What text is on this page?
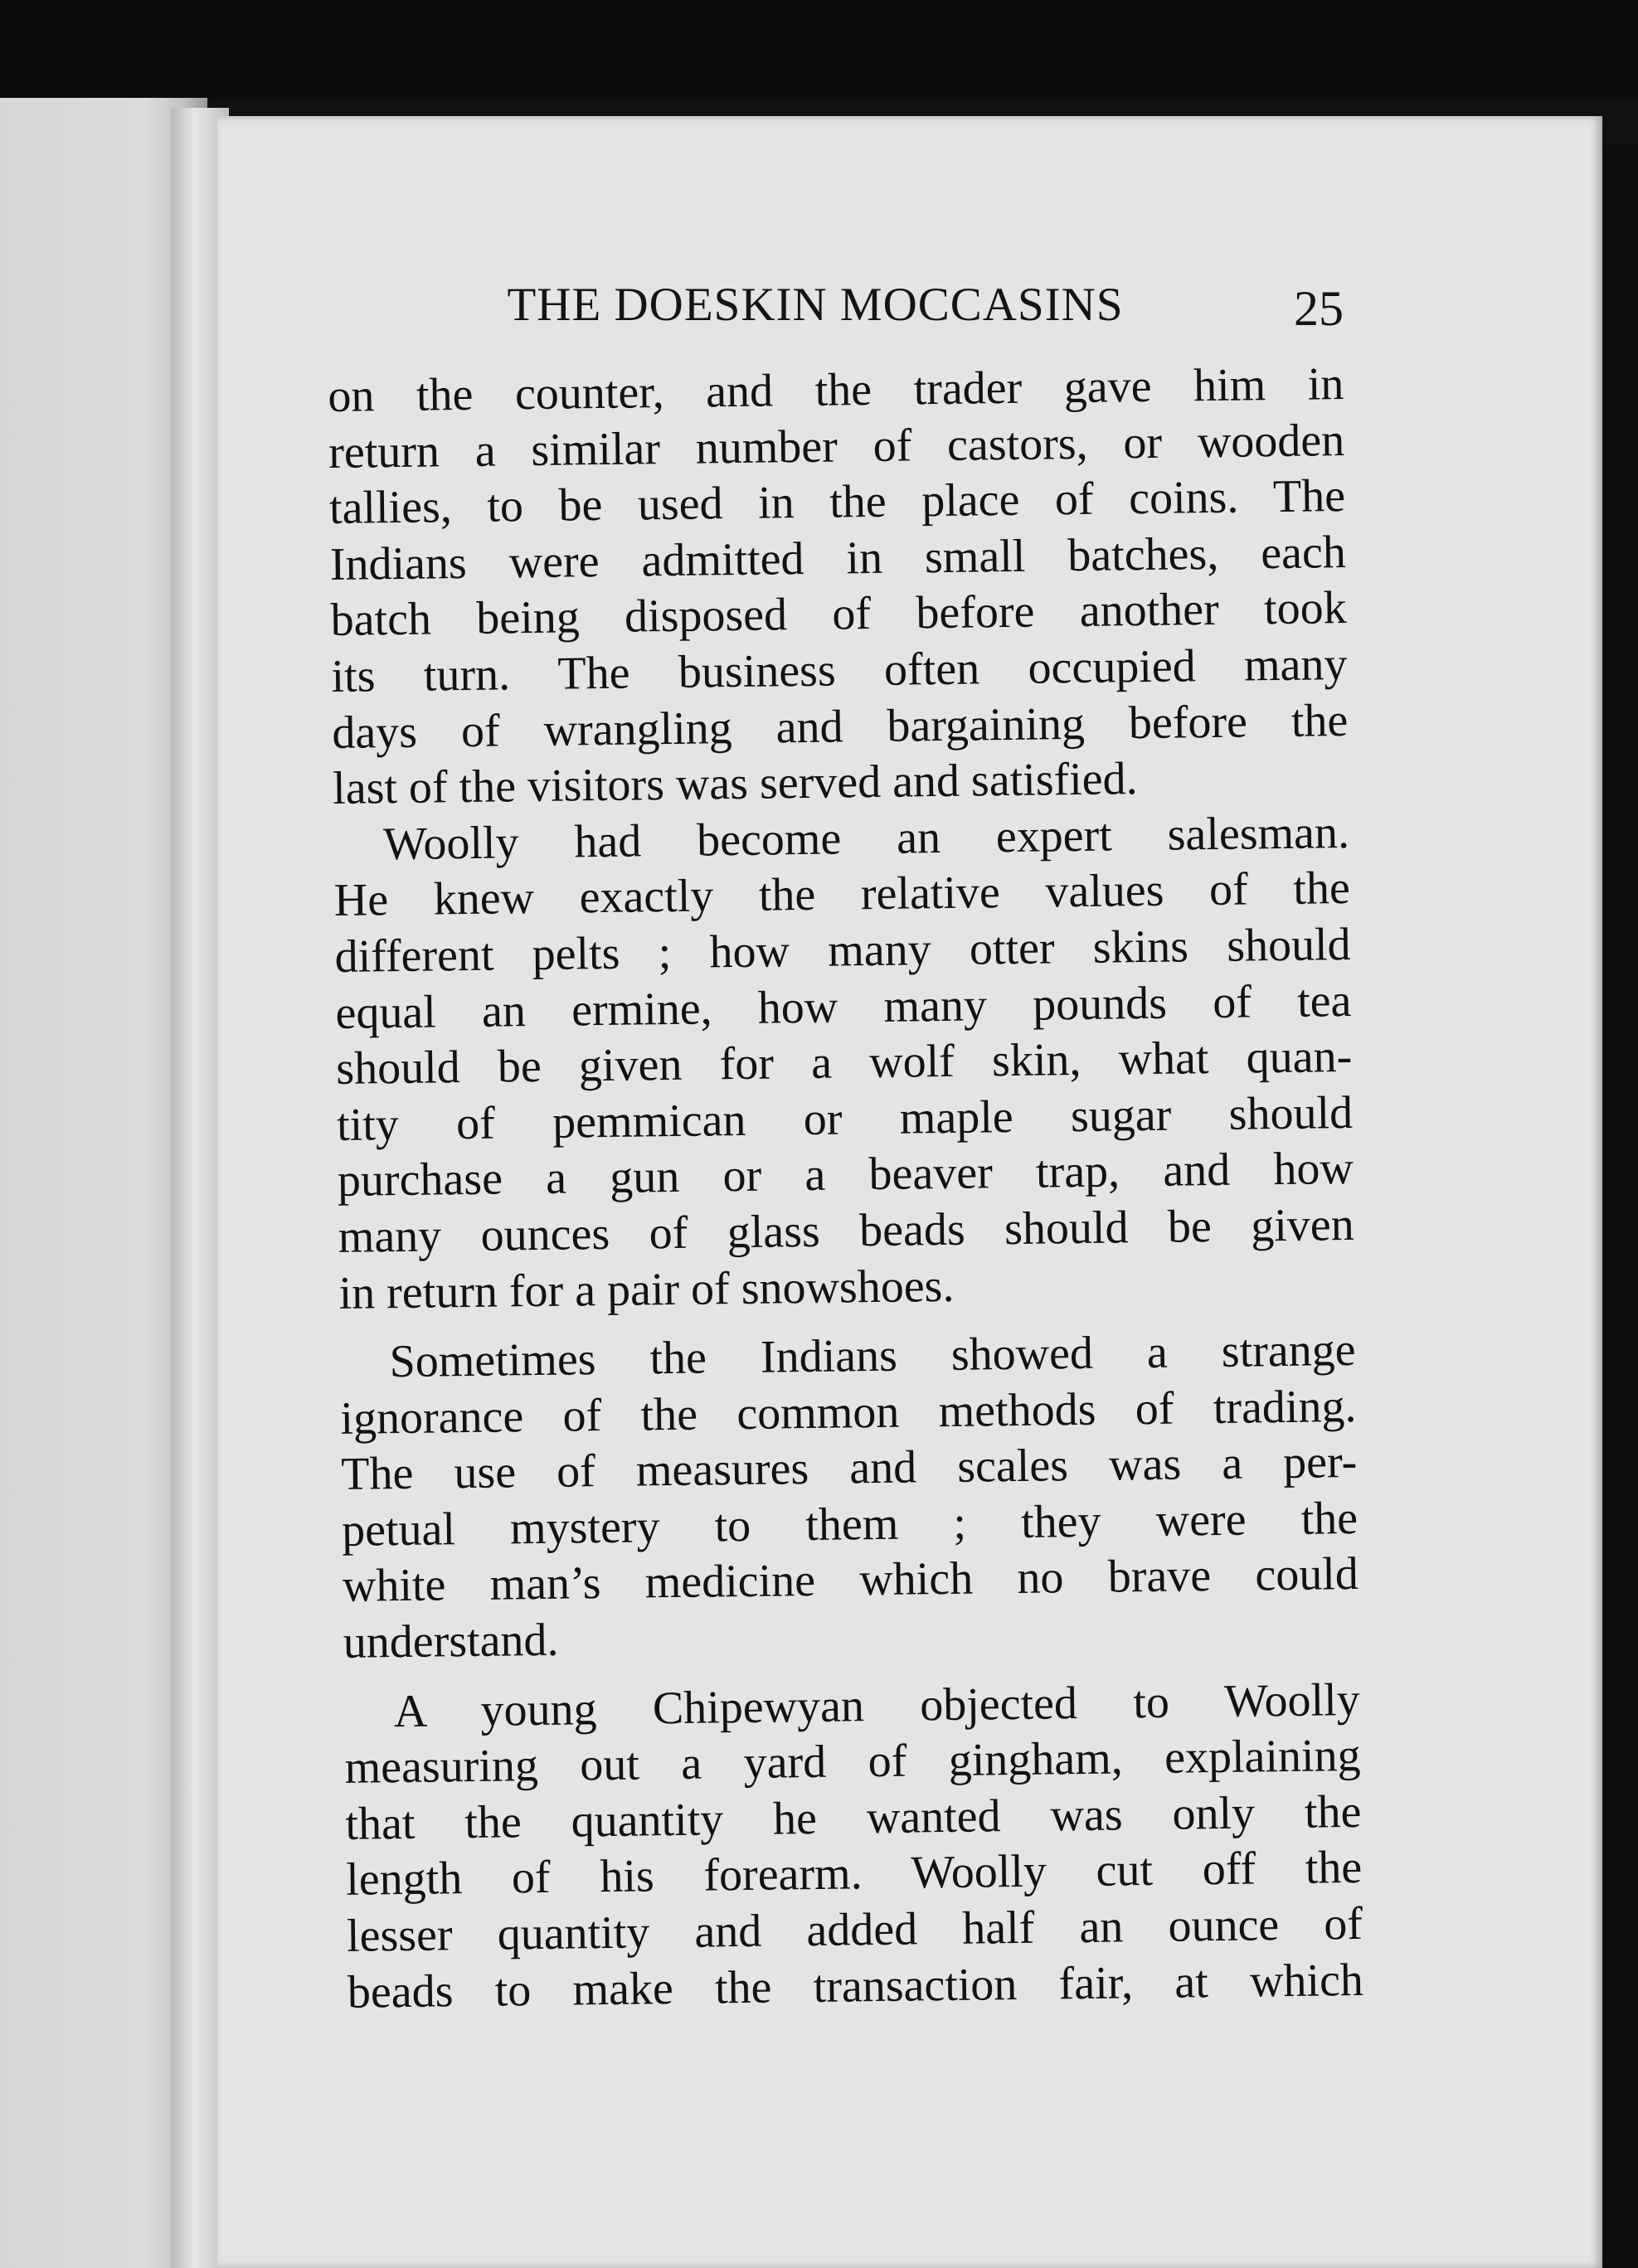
THE DOESKIN MOCCASINS	25
on the counter, and the trader gave him in
return a similar number of castors, or wooden
tallies, to be used in the place of coins. The
Indians were admitted in small batches, each
batch being disposed of before another took
its turn. The business often occupied many
days of wrangling and bargaining before the
last of the visitors was served and satisfied.
Woolly had become an expert salesman.
He knew exactly the relative values of the
different pelts ; how many otter skins should
equal an ermine, how many pounds of tea
should be given for a wolf skin, what quan-
tity of pemmican or maple sugar should
purchase a gun or a beaver trap, and how
many ounces of glass beads should be given
in return for a pair of snowshoes.
Sometimes the Indians showed a strange
ignorance of the common methods of trading.
The use of measures and scales was a per-
petual mystery to them ; they were the
white man’s medicine which no brave could
understand.
A young Chipewyan objected to Woolly
measuring out a yard of gingham, explaining
that the quantity he wanted was only the
length of his forearm. Woolly cut off the
lesser quantity and added half an ounce of
beads to make the transaction fair, at which
